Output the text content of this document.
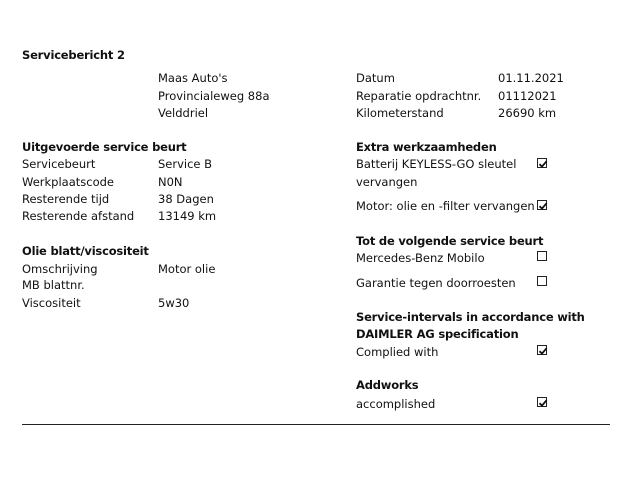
Servicebericht 2
Maas Auto's
Provincialeweg 88a
Velddriel
Datum	01.11.2021
Reparatie opdrachtnr. 01112021
Kilometerstand	26690 km
Uitgevoerde service beurt
Servicebeurt	Service B
Werkplaatscode	N0N
Resterende tijd	38 Dagen
Resterende afstand 13149 km
Olie blatt/viscositeit
Omschrijving	Motor olie
MB blattnr.
Viscositeit	5w30
Extra werkzaamheden
Batterij KEYLESS-GO sleutel
vervangen
Motor: olie en -filter vervangen
Tot de volgende service beurt
Mercedes-Benz Mobilo
Garantie tegen doorroesten
Service-intervals in accordance with
DAIMLER AG specification
Complied with
Addworks
accomplished
